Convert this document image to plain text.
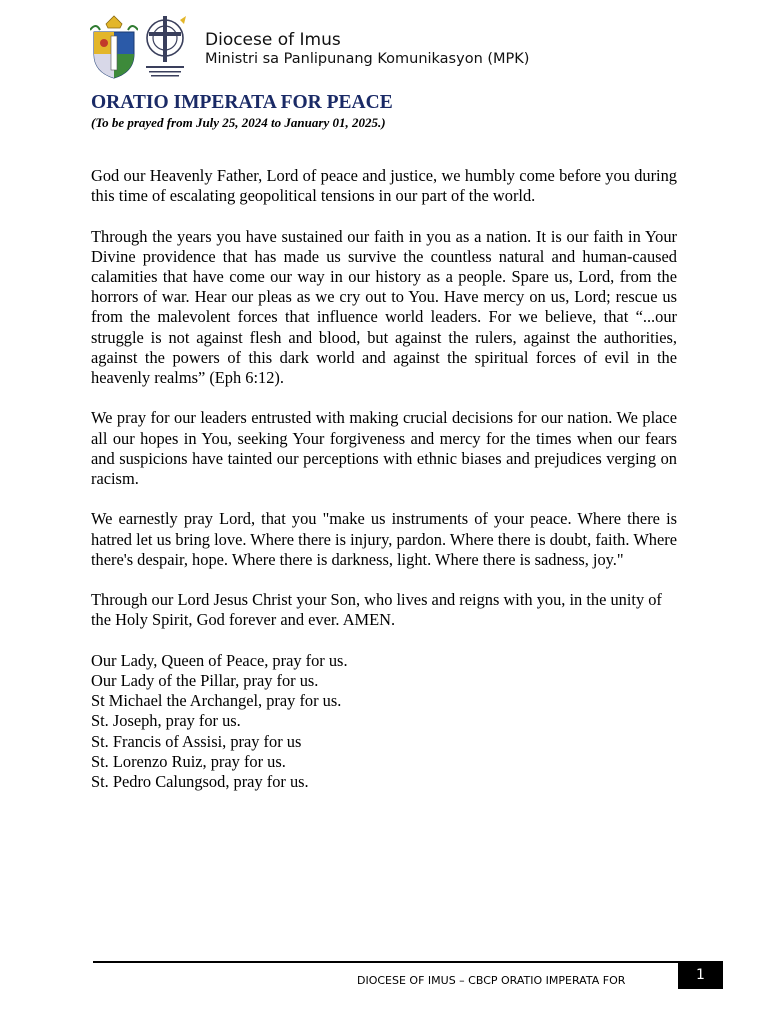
Diocese of Imus
Ministri sa Panlipunang Komunikasyon (MPK)
ORATIO IMPERATA FOR PEACE
(To be prayed from July 25, 2024 to January 01, 2025.)

God our Heavenly Father, Lord of peace and justice, we humbly come before you during this time of escalating geopolitical tensions in our part of the world.

Through the years you have sustained our faith in you as a nation. It is our faith in Your Divine providence that has made us survive the countless natural and human-caused calamities that have come our way in our history as a people. Spare us, Lord, from the horrors of war. Hear our pleas as we cry out to You. Have mercy on us, Lord; rescue us from the malevolent forces that influence world leaders. For we believe, that “...our struggle is not against flesh and blood, but against the rulers, against the authorities, against the powers of this dark world and against the spiritual forces of evil in the heavenly realms” (Eph 6:12).

We pray for our leaders entrusted with making crucial decisions for our nation. We place all our hopes in You, seeking Your forgiveness and mercy for the times when our fears and suspicions have tainted our perceptions with ethnic biases and prejudices verging on racism.

We earnestly pray Lord, that you "make us instruments of your peace. Where there is hatred let us bring love. Where there is injury, pardon. Where there is doubt, faith. Where there's despair, hope. Where there is darkness, light. Where there is sadness, joy."

Through our Lord Jesus Christ your Son, who lives and reigns with you, in the unity of the Holy Spirit, God forever and ever. AMEN.

Our Lady, Queen of Peace, pray for us.
Our Lady of the Pillar, pray for us.
St Michael the Archangel, pray for us.
St. Joseph, pray for us.
St. Francis of Assisi, pray for us
St. Lorenzo Ruiz, pray for us.
St. Pedro Calungsod, pray for us.
DIOCESE OF IMUS – CBCP ORATIO IMPERATA FOR	1
